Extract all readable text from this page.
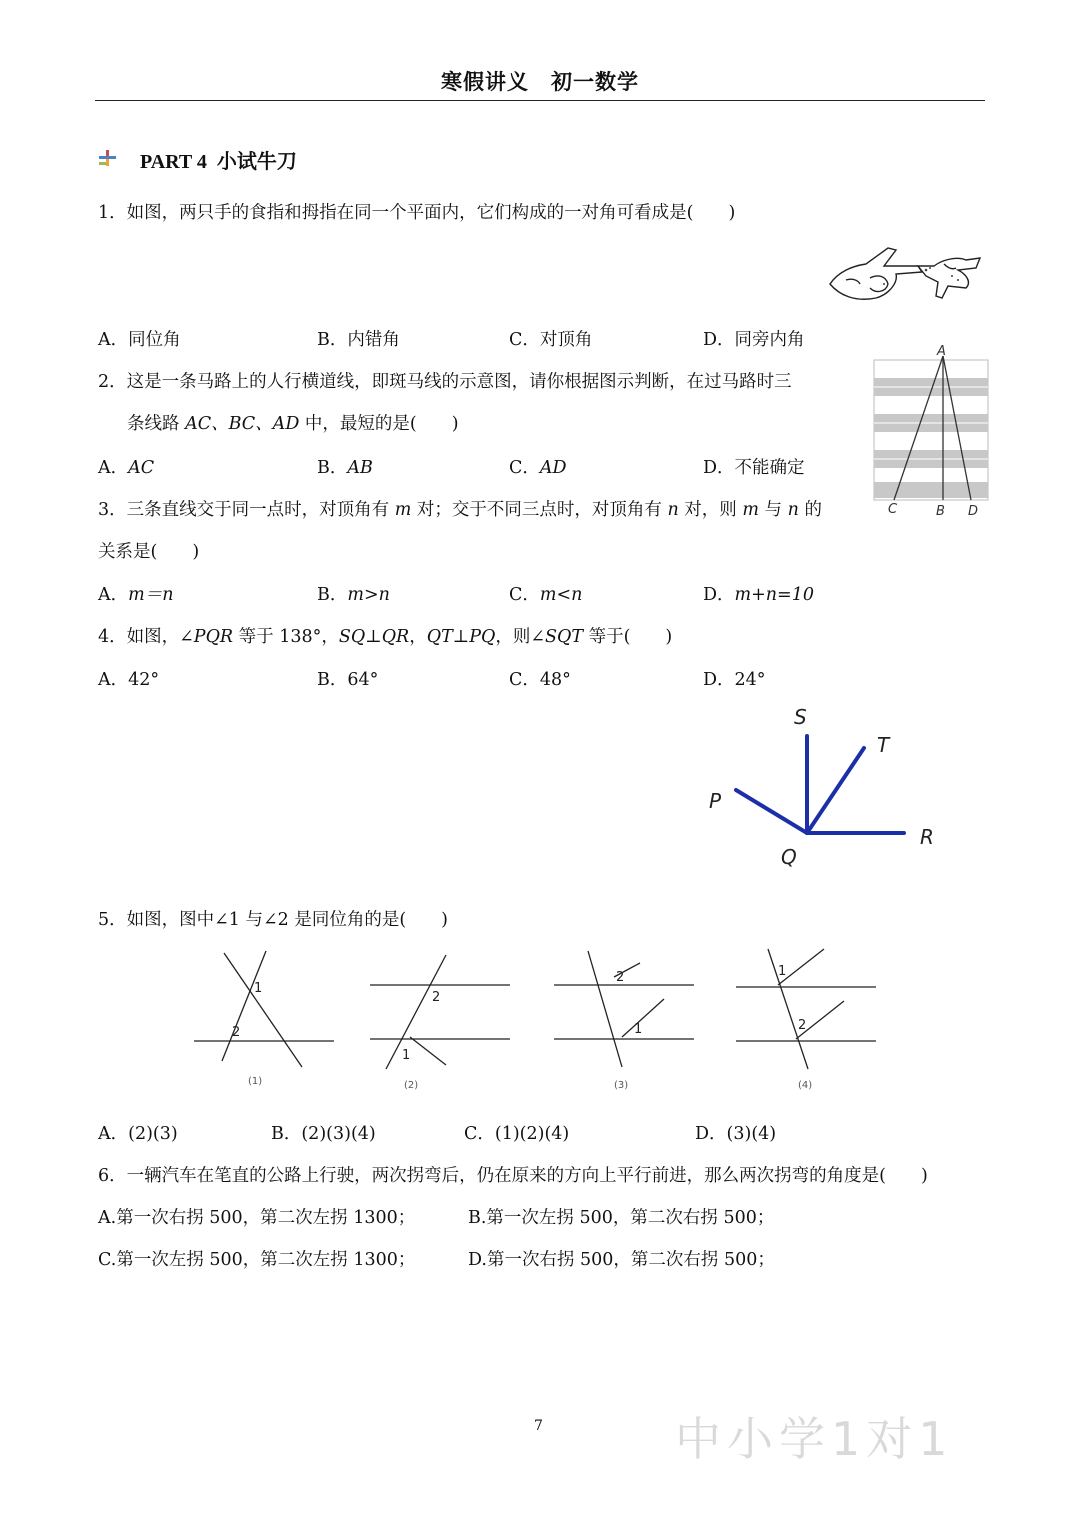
寒假讲义　初一数学
PART 4 小试牛刀
1．如图，两只手的食指和拇指在同一个平面内，它们构成的一对角可看成是(　　)
A．同位角	B．内错角	C．对顶角	D．同旁内角
2．这是一条马路上的人行横道线，即斑马线的示意图，请你根据图示判断，在过马路时三
条线路 AC、BC、AD 中，最短的是(　　)
A．AC	B．AB	C．AD	D．不能确定
A
C	B D
3．三条直线交于同一点时，对顶角有 m 对；交于不同三点时，对顶角有 n 对，则 m 与 n 的
关系是(　　)
A．m＝n	B．m>n	C．m<n	D．m+n=10
4．如图，∠PQR 等于 138°，SQ⊥QR，QT⊥PQ，则∠SQT 等于(　　)
A．42°	B．64°	C．48°	D．24°
S
T
P
Q
R
5．如图，图中∠1 与∠2 是同位角的是(　　)
1
2
2
1
2
1
1
2
(1)	(2)	(3)	(4)
A．(2)(3)	B．(2)(3)(4)	C．(1)(2)(4)	D．(3)(4)
6．一辆汽车在笔直的公路上行驶，两次拐弯后，仍在原来的方向上平行前进，那么两次拐弯的角度是(　　)
A.第一次右拐 500，第二次左拐 1300；	B.第一次左拐 500，第二次右拐 500；
C.第一次左拐 500，第二次左拐 1300；	D.第一次右拐 500，第二次右拐 500；
7	中小学1对1
